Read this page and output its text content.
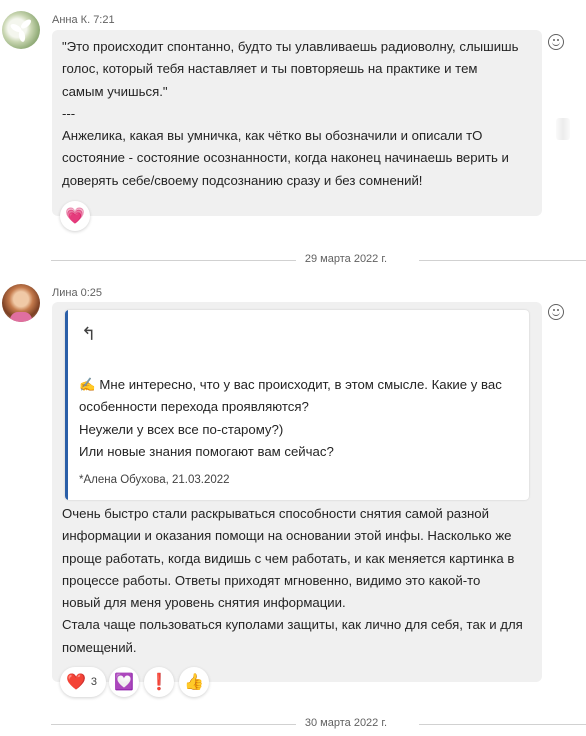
Анна К. 7:21
"Это происходит спонтанно, будто ты улавливаешь радиоволну, слышишь
голос, который тебя наставляет и ты повторяешь на практике и тем
самым учишься."
---
Анжелика, какая вы умничка, как чётко вы обозначили и описали тО
состояние - состояние осознанности, когда наконец начинаешь верить и
доверять себе/своему подсознанию сразу и без сомнений!
💗
29 марта 2022 г.
Лина 0:25
↰
✍️ Мне интересно, что у вас происходит, в этом смысле. Какие у вас
особенности перехода проявляются?
Неужели у всех все по-старому?)
Или новые знания помогают вам сейчас?
*Алена Обухова, 21.03.2022
Очень быстро стали раскрываться способности снятия самой разной
информации и оказания помощи на основании этой инфы. Насколько же
проще работать, когда видишь с чем работать, и как меняется картинка в
процессе работы. Ответы приходят мгновенно, видимо это какой-то
новый для меня уровень снятия информации.
Стала чаще пользоваться куполами защиты, как лично для себя, так и для
помещений.
❤️ 3 💟 ❗ 👍
30 марта 2022 г.
